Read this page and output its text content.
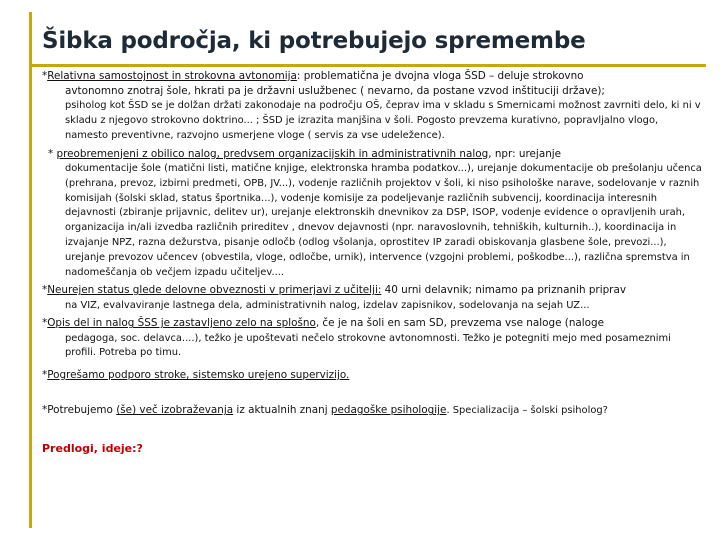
Šibka področja, ki potrebujejo spremembe

*Relativna samostojnost in strokovna avtonomija: problematična je dvojna vloga ŠSD – deluje strokovno

avtonomno znotraj šole, hkrati pa je državni uslužbenec ( nevarno, da postane vzvod inštituciji države);

psiholog kot ŠSD se je dolžan držati zakonodaje na področju OŠ, čeprav ima v skladu s Smernicami možnost zavrniti delo, ki ni v skladu z njegovo strokovno doktrino... ; ŠSD je izrazita manjšina v šoli. Pogosto prevzema kurativno, popravljalno vlogo, namesto preventivne, razvojno usmerjene vloge ( servis za vse udeležence).

* preobremenjeni z obilico nalog, predvsem organizacijskih in administrativnih nalog, npr: urejanje

dokumentacije šole (matični listi, matične knjige, elektronska hramba podatkov...), urejanje dokumentacije ob prešolanju učenca (prehrana, prevoz, izbirni predmeti, OPB, JV...), vodenje različnih projektov v šoli, ki niso psihološke narave, sodelovanje v raznih komisijah (šolski sklad, status športnika...), vodenje komisije za podeljevanje različnih subvencij, koordinacija interesnih dejavnosti (zbiranje prijavnic, delitev ur), urejanje elektronskih dnevnikov za DSP, ISOP, vodenje evidence o opravljenih urah, organizacija in/ali izvedba različnih prireditev , dnevov dejavnosti (npr. naravoslovnih, tehniških, kulturnih..), koordinacija in izvajanje NPZ, razna dežurstva, pisanje odločb (odlog všolanja, oprostitev IP zaradi obiskovanja glasbene šole, prevozi...), urejanje prevozov učencev (obvestila, vloge, odločbe, urnik), intervence (vzgojni problemi, poškodbe...), različna spremstva in nadomeščanja ob večjem izpadu učiteljev....

*Neurejen status glede delovne obveznosti v primerjavi z učitelji: 40 urni delavnik; nimamo pa priznanih priprav

na VIZ, evalvaviranje lastnega dela, administrativnih nalog, izdelav zapisnikov, sodelovanja na sejah UZ...

*Opis del in nalog ŠSS je zastavljeno zelo na splošno, če je na šoli en sam SD, prevzema vse naloge (naloge

pedagoga, soc. delavca....), težko je upoštevati nečelo strokovne avtonomnosti. Težko je potegniti mejo med posameznimi profili. Potreba po timu.

*Pogrešamo podporo stroke, sistemsko urejeno supervizijo.

*Potrebujemo (še) več izobraževanja iz aktualnih znanj pedagoške psihologije. Specializacija – šolski psiholog?

Predlogi, ideje:?
